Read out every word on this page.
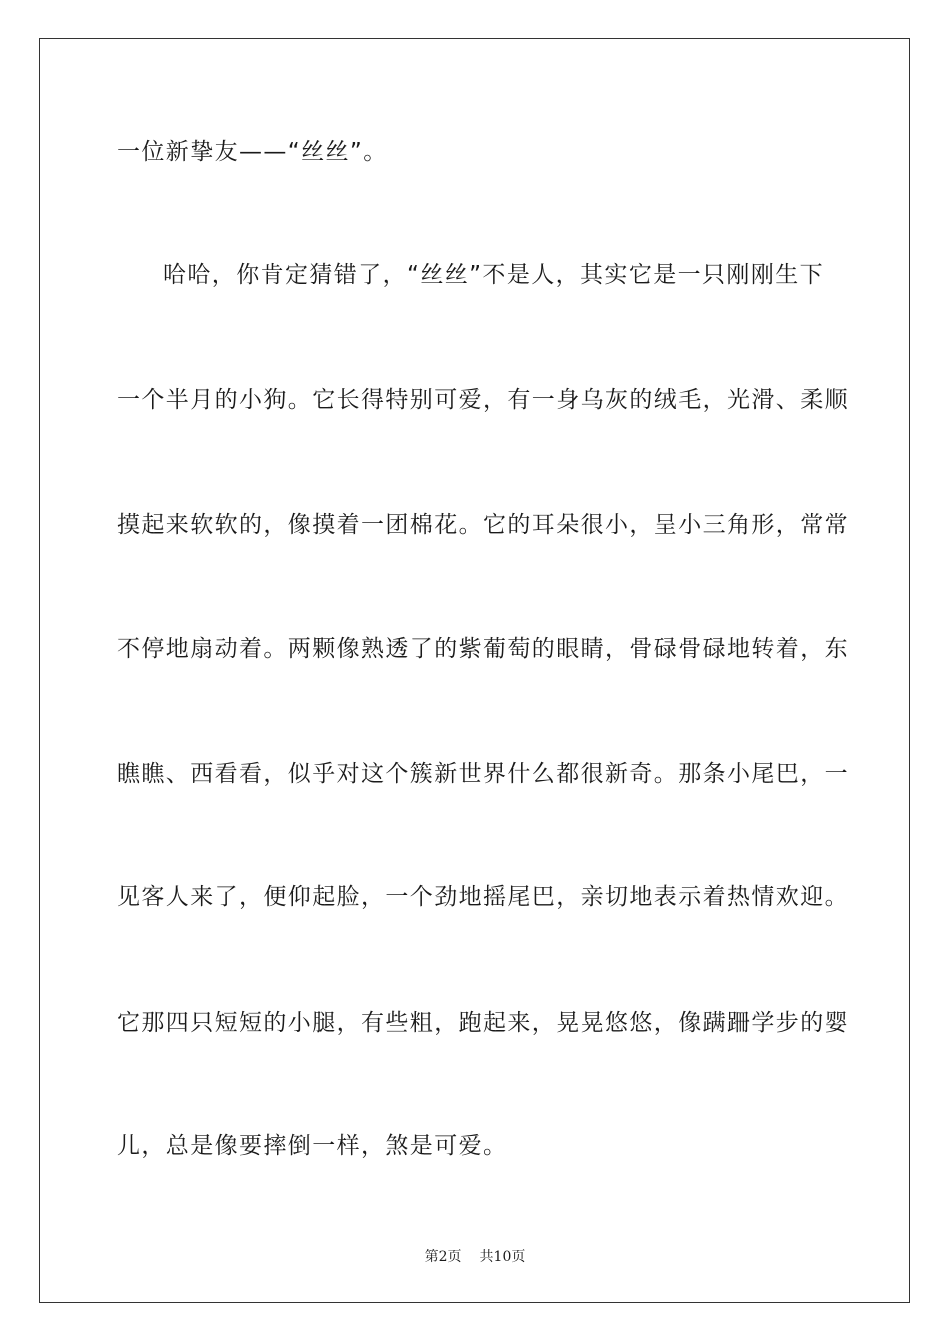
一位新挚友——“丝丝”。
哈哈，你肯定猜错了，“丝丝”不是人，其实它是一只刚刚生下
一个半月的小狗。它长得特别可爱，有一身乌灰的绒毛，光滑、柔顺
摸起来软软的，像摸着一团棉花。它的耳朵很小，呈小三角形，常常
不停地扇动着。两颗像熟透了的紫葡萄的眼睛，骨碌骨碌地转着，东
瞧瞧、西看看，似乎对这个簇新世界什么都很新奇。那条小尾巴，一
见客人来了，便仰起脸，一个劲地摇尾巴，亲切地表示着热情欢迎。
它那四只短短的小腿，有些粗，跑起来，晃晃悠悠，像蹒跚学步的婴
儿，总是像要摔倒一样，煞是可爱。
第2页 共10页
